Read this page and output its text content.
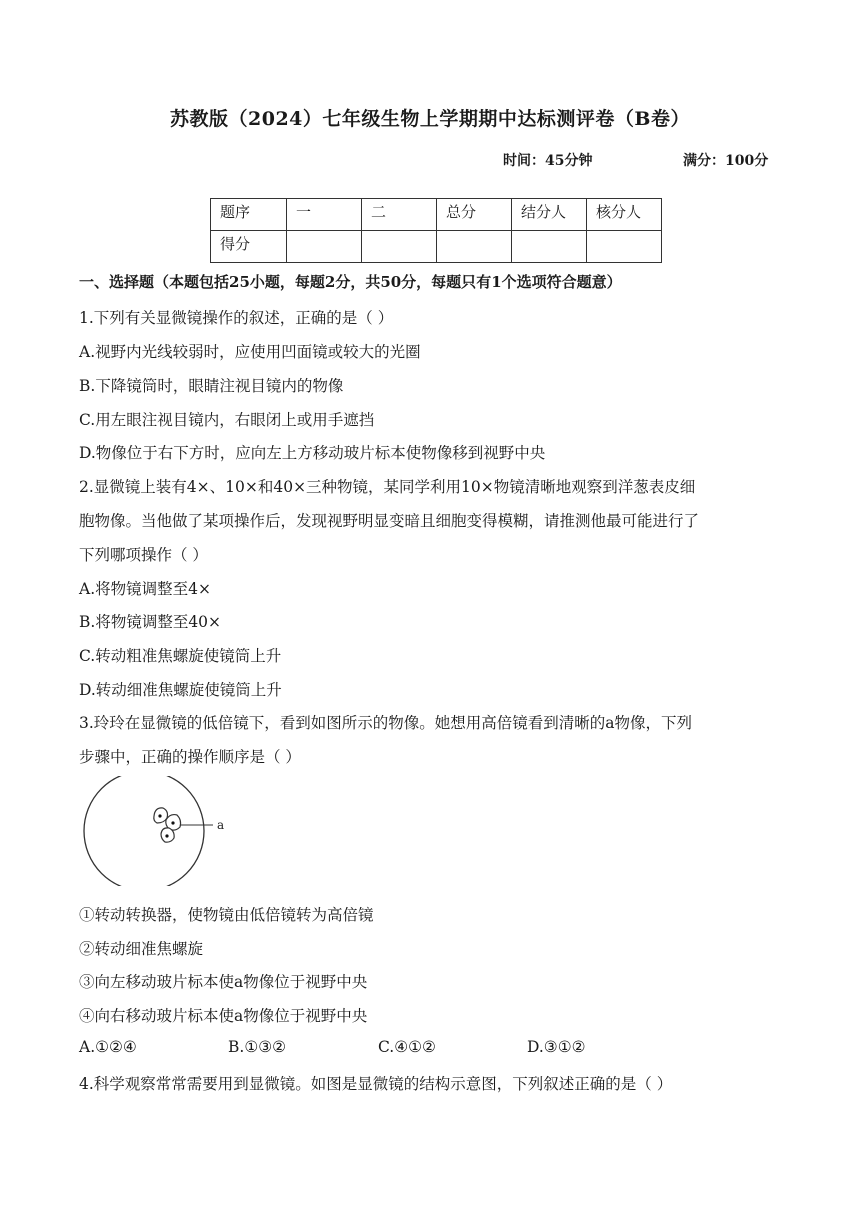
苏教版（2024）七年级生物上学期期中达标测评卷（B卷）
时间：45分钟	满分：100分
题序	一	二	总分	结分人	核分人
得分					
一、选择题（本题包括25小题，每题2分，共50分，每题只有1个选项符合题意）
1.下列有关显微镜操作的叙述，正确的是（ ）
A.视野内光线较弱时，应使用凹面镜或较大的光圈
B.下降镜筒时，眼睛注视目镜内的物像
C.用左眼注视目镜内，右眼闭上或用手遮挡
D.物像位于右下方时，应向左上方移动玻片标本使物像移到视野中央
2.显微镜上装有4×、10×和40×三种物镜，某同学利用10×物镜清晰地观察到洋葱表皮细
胞物像。当他做了某项操作后，发现视野明显变暗且细胞变得模糊，请推测他最可能进行了
下列哪项操作（ ）
A.将物镜调整至4×
B.将物镜调整至40×
C.转动粗准焦螺旋使镜筒上升
D.转动细准焦螺旋使镜筒上升
3.玲玲在显微镜的低倍镜下，看到如图所示的物像。她想用高倍镜看到清晰的a物像，下列
步骤中，正确的操作顺序是（ ）
a
①转动转换器，使物镜由低倍镜转为高倍镜
②转动细准焦螺旋
③向左移动玻片标本使a物像位于视野中央
④向右移动玻片标本使a物像位于视野中央
A.①②④	B.①③②	C.④①②	D.③①②
4.科学观察常常需要用到显微镜。如图是显微镜的结构示意图，下列叙述正确的是（ ）
